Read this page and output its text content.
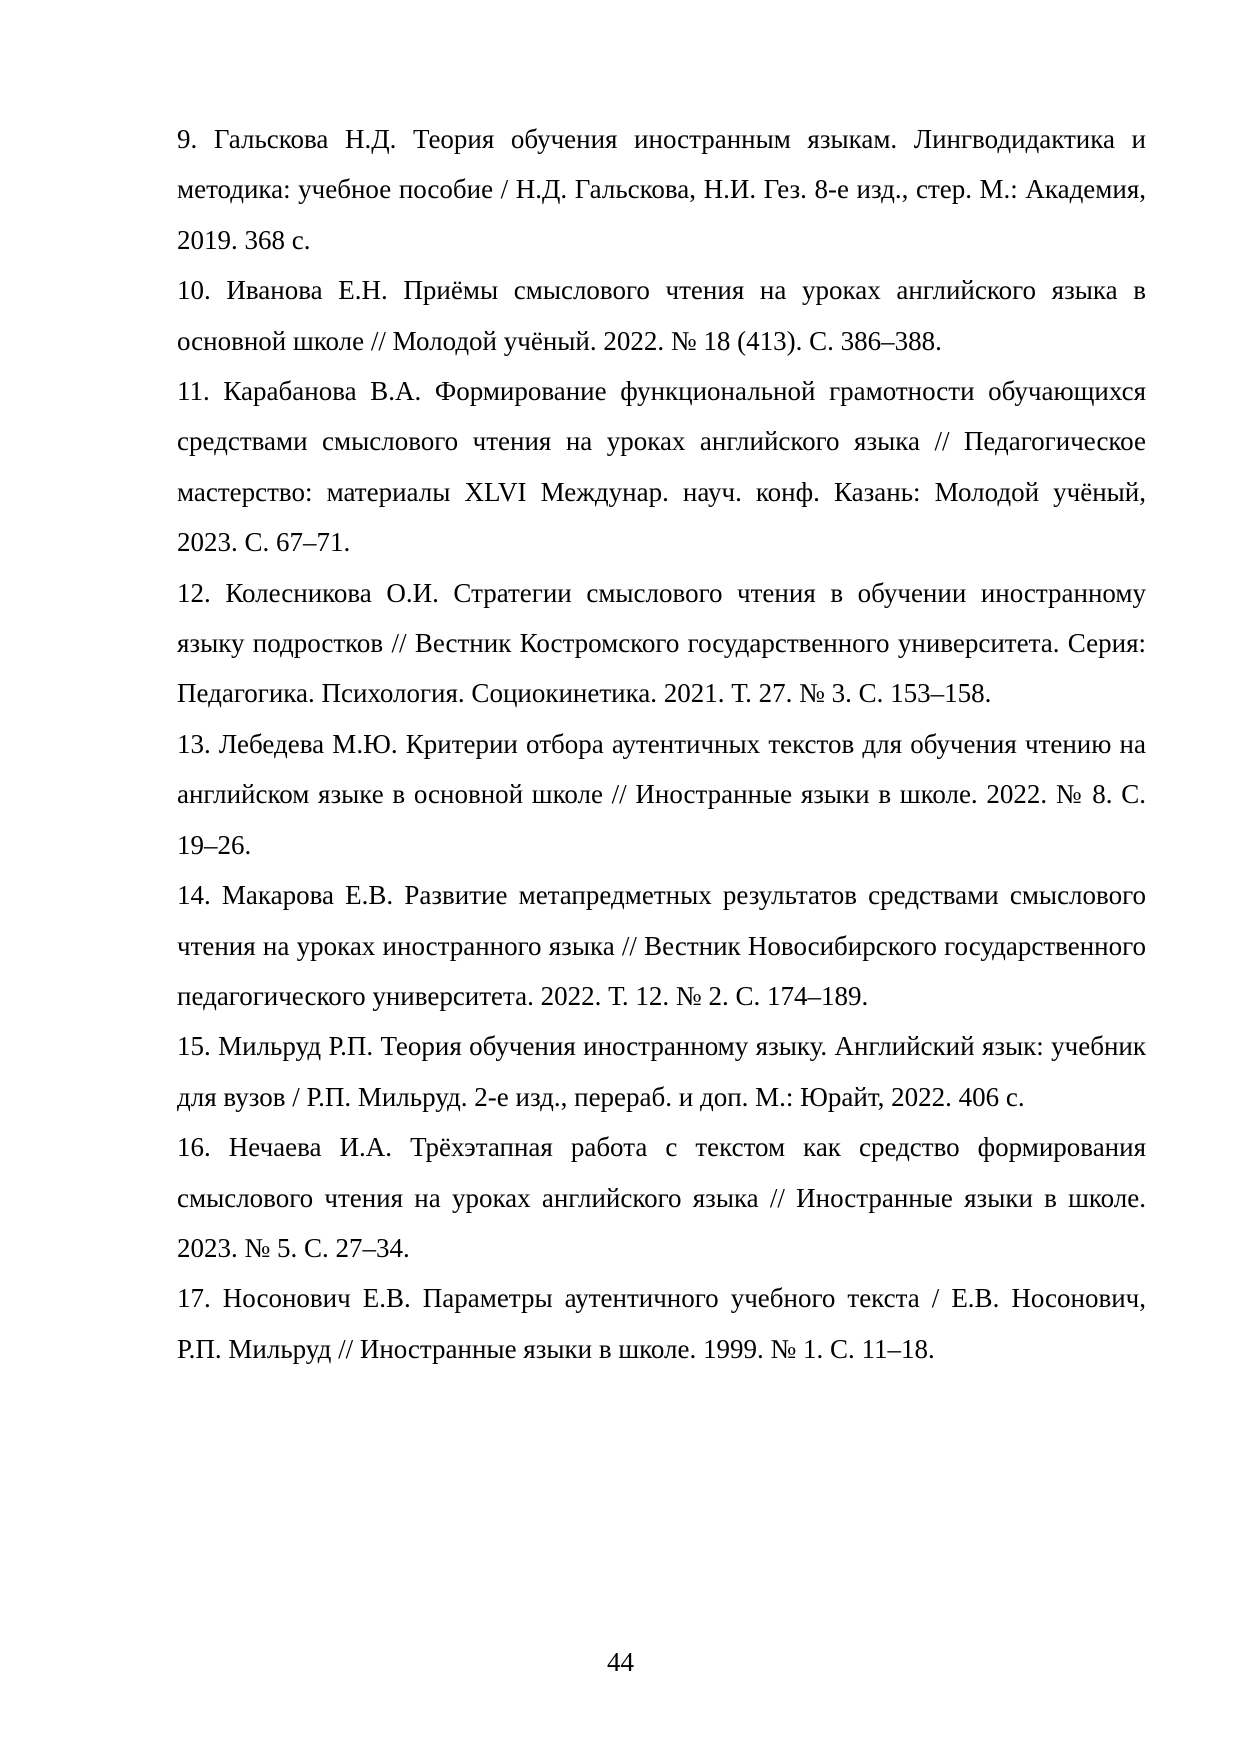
9. Гальскова Н.Д. Теория обучения иностранным языкам. Лингводидактика и методика: учебное пособие / Н.Д. Гальскова, Н.И. Гез. 8-е изд., стер. М.: Академия, 2019. 368 с.
10. Иванова Е.Н. Приёмы смыслового чтения на уроках английского языка в основной школе // Молодой учёный. 2022. № 18 (413). С. 386–388.
11. Карабанова В.А. Формирование функциональной грамотности обучающихся средствами смыслового чтения на уроках английского языка // Педагогическое мастерство: материалы XLVI Междунар. науч. конф. Казань: Молодой учёный, 2023. С. 67–71.
12. Колесникова О.И. Стратегии смыслового чтения в обучении иностранному языку подростков // Вестник Костромского государственного университета. Серия: Педагогика. Психология. Социокинетика. 2021. Т. 27. № 3. С. 153–158.
13. Лебедева М.Ю. Критерии отбора аутентичных текстов для обучения чтению на английском языке в основной школе // Иностранные языки в школе. 2022. № 8. С. 19–26.
14. Макарова Е.В. Развитие метапредметных результатов средствами смыслового чтения на уроках иностранного языка // Вестник Новосибирского государственного педагогического университета. 2022. Т. 12. № 2. С. 174–189.
15. Мильруд Р.П. Теория обучения иностранному языку. Английский язык: учебник для вузов / Р.П. Мильруд. 2-е изд., перераб. и доп. М.: Юрайт, 2022. 406 с.
16. Нечаева И.А. Трёхэтапная работа с текстом как средство формирования смыслового чтения на уроках английского языка // Иностранные языки в школе. 2023. № 5. С. 27–34.
17. Носонович Е.В. Параметры аутентичного учебного текста / Е.В. Носонович, Р.П. Мильруд // Иностранные языки в школе. 1999. № 1. С. 11–18.
44
